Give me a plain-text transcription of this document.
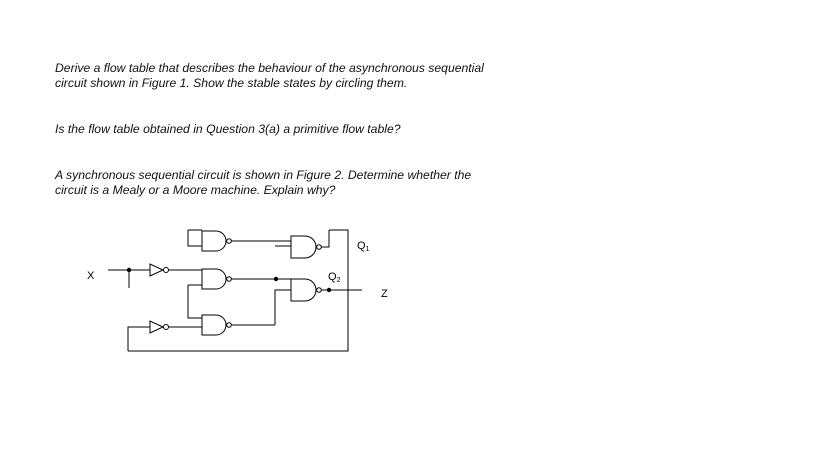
Derive a flow table that describes the behaviour of the asynchronous sequential
circuit shown in Figure 1. Show the stable states by circling them.
Is the flow table obtained in Question 3(a) a primitive flow table?
A synchronous sequential circuit is shown in Figure 2. Determine whether the
circuit is a Mealy or a Moore machine. Explain why?
X
Z
Q1
Q2
